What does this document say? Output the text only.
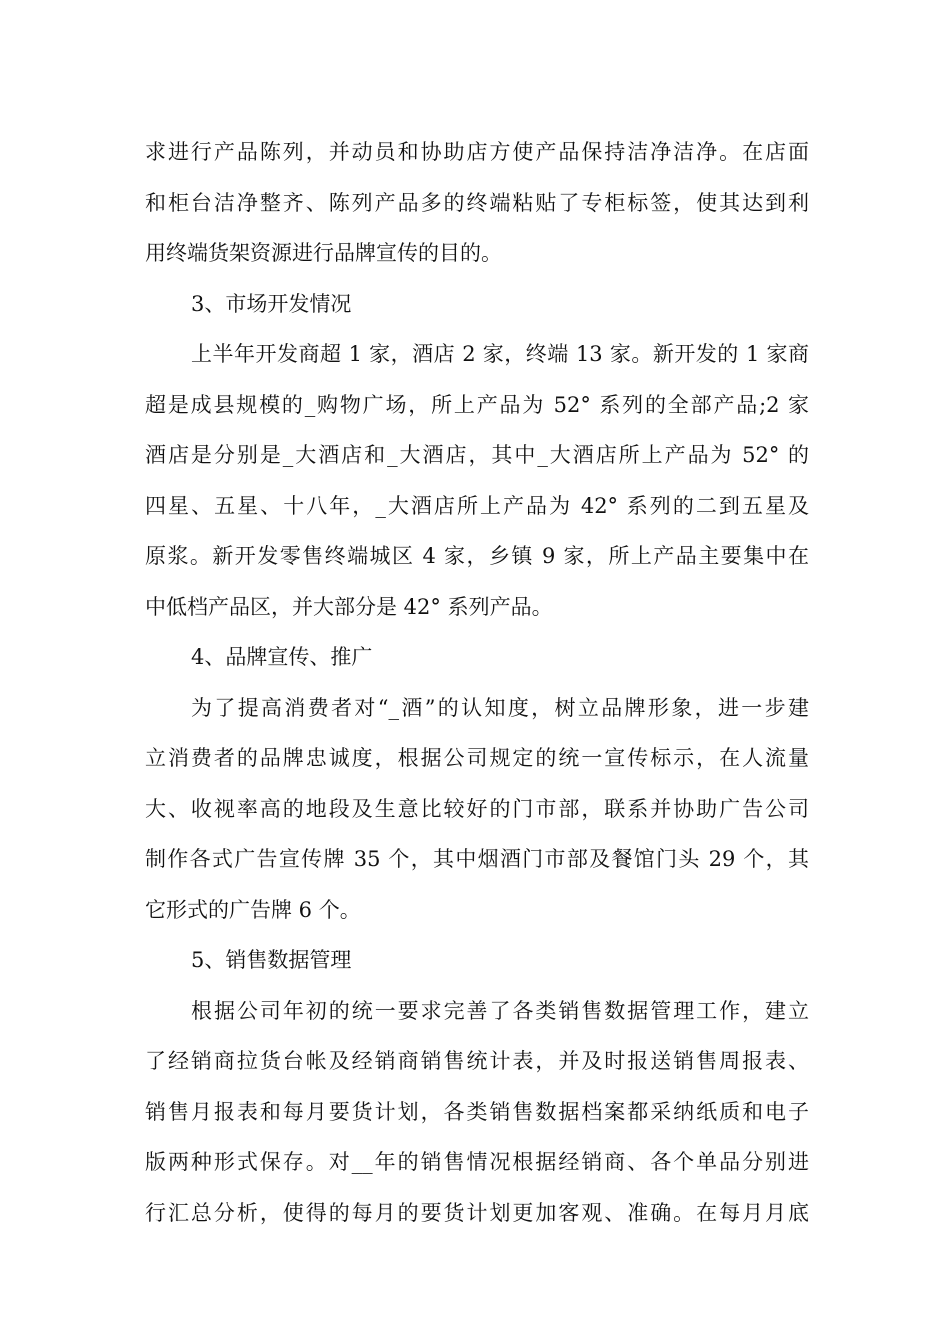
求进行产品陈列，并动员和协助店方使产品保持洁净洁净。在店面
和柜台洁净整齐、陈列产品多的终端粘贴了专柜标签，使其达到利
用终端货架资源进行品牌宣传的目的。
3、市场开发情况
上半年开发商超 1 家，酒店 2 家，终端 13 家。新开发的 1 家商
超是成县规模的_购物广场，所上产品为 52° 系列的全部产品;2 家
酒店是分别是_大酒店和_大酒店，其中_大酒店所上产品为 52° 的
四星、五星、十八年，_大酒店所上产品为 42° 系列的二到五星及
原浆。新开发零售终端城区 4 家，乡镇 9 家，所上产品主要集中在
中低档产品区，并大部分是 42° 系列产品。
4、品牌宣传、推广
为了提高消费者对“_酒”的认知度，树立品牌形象，进一步建
立消费者的品牌忠诚度，根据公司规定的统一宣传标示，在人流量
大、收视率高的地段及生意比较好的门市部，联系并协助广告公司
制作各式广告宣传牌 35 个，其中烟酒门市部及餐馆门头 29 个，其
它形式的广告牌 6 个。
5、销售数据管理
根据公司年初的统一要求完善了各类销售数据管理工作，建立
了经销商拉货台帐及经销商销售统计表，并及时报送销售周报表、
销售月报表和每月要货计划，各类销售数据档案都采纳纸质和电子
版两种形式保存。对__年的销售情况根据经销商、各个单品分别进
行汇总分析，使得的每月的要货计划更加客观、准确。在每月月底
